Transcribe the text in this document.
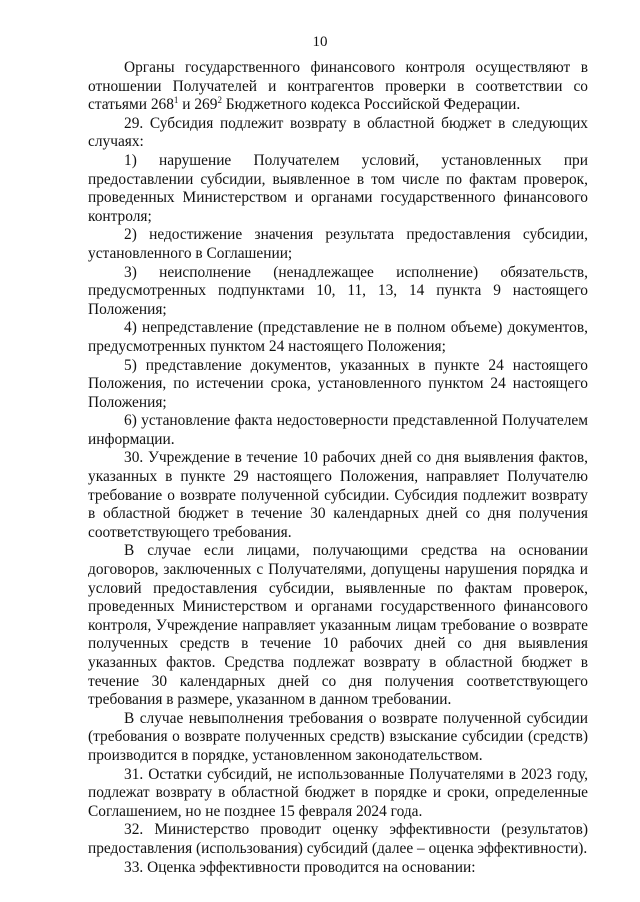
10

Органы государственного финансового контроля осуществляют в отношении Получателей и контрагентов проверки в соответствии со

статьями $268^1$ и $269^2$ Бюджетного кодекса Российской Федерации.

29. Субсидия подлежит возврату в областной бюджет в следующих случаях:

1) нарушение Получателем условий, установленных при предоставлении субсидии, выявленное в том числе по фактам проверок, проведенных Министерством и органами государственного финансового контроля;

2) недостижение значения результата предоставления субсидии, установленного в Соглашении;

3) неисполнение (ненадлежащее исполнение) обязательств, предусмотренных подпунктами 10, 11, 13, 14 пункта 9 настоящего Положения;

4) непредставление (представление не в полном объеме) документов, предусмотренных пунктом 24 настоящего Положения;

5) представление документов, указанных в пункте 24 настоящего Положения, по истечении срока, установленного пунктом 24 настоящего Положения;

6) установление факта недостоверности представленной Получателем информации.

30. Учреждение в течение 10 рабочих дней со дня выявления фактов, указанных в пункте 29 настоящего Положения, направляет Получателю требование о возврате полученной субсидии. Субсидия подлежит возврату в областной бюджет в течение 30 календарных дней со дня получения соответствующего требования.

В случае если лицами, получающими средства на основании договоров, заключенных с Получателями, допущены нарушения порядка и условий предоставления субсидии, выявленные по фактам проверок, проведенных Министерством и органами государственного финансового контроля, Учреждение направляет указанным лицам требование о возврате полученных средств в течение 10 рабочих дней со дня выявления указанных фактов. Средства подлежат возврату в областной бюджет в течение 30 календарных дней со дня получения соответствующего требования в размере, указанном в данном требовании.

В случае невыполнения требования о возврате полученной субсидии (требования о возврате полученных средств) взыскание субсидии (средств) производится в порядке, установленном законодательством.

31. Остатки субсидий, не использованные Получателями в 2023 году, подлежат возврату в областной бюджет в порядке и сроки, определенные Соглашением, но не позднее 15 февраля 2024 года.

32. Министерство проводит оценку эффективности (результатов) предоставления (использования) субсидий (далее – оценка эффективности).

33. Оценка эффективности проводится на основании:
